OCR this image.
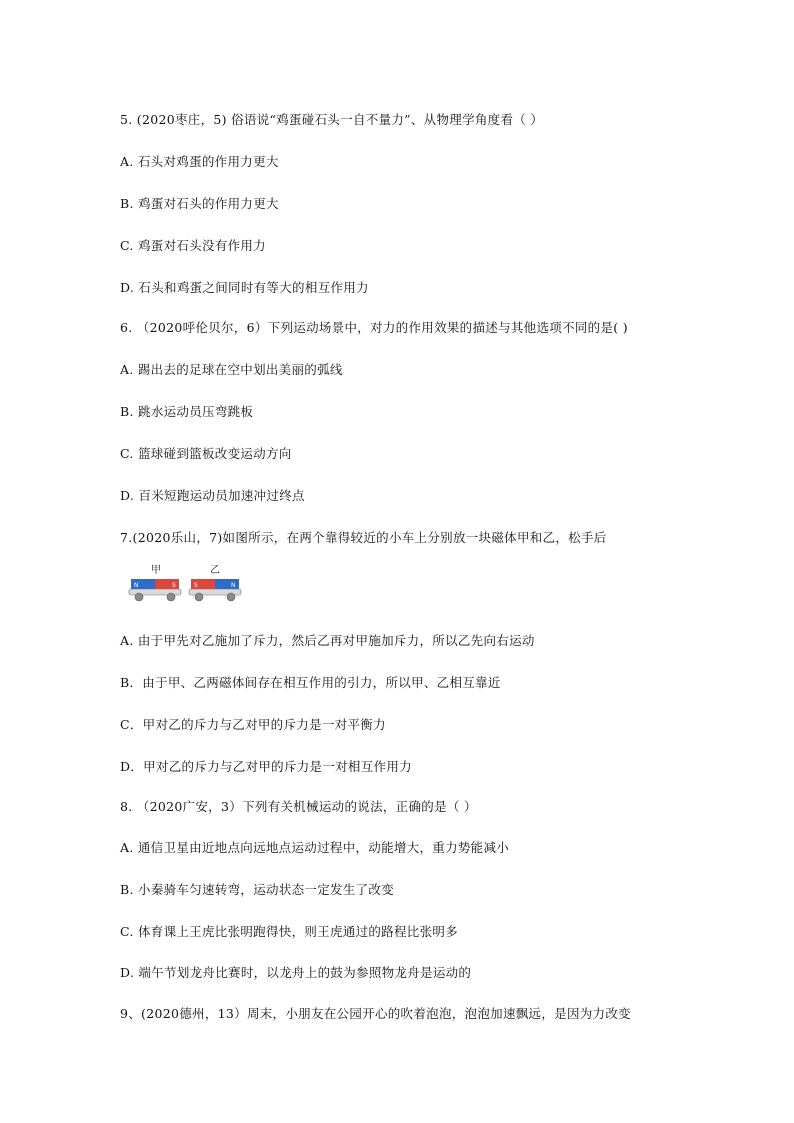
5. (2020枣庄，5) 俗语说“鸡蛋碰石头一自不量力”、从物理学角度看（ ）
A. 石头对鸡蛋的作用力更大
B. 鸡蛋对石头的作用力更大
C. 鸡蛋对石头没有作用力
D. 石头和鸡蛋之间同时有等大的相互作用力
6. （2020呼伦贝尔，6）下列运动场景中，对力的作用效果的描述与其他选项不同的是( )
A. 踢出去的足球在空中划出美丽的弧线
B. 跳水运动员压弯跳板
C. 篮球碰到篮板改变运动方向
D. 百米短跑运动员加速冲过终点
7.(2020乐山，7)如图所示，在两个靠得较近的小车上分别放一块磁体甲和乙，松手后
甲	乙
N	S	S	N
A. 由于甲先对乙施加了斥力，然后乙再对甲施加斥力，所以乙先向右运动
B．由于甲、乙两磁体间存在相互作用的引力，所以甲、乙相互靠近
C．甲对乙的斥力与乙对甲的斥力是一对平衡力
D．甲对乙的斥力与乙对甲的斥力是一对相互作用力
8. （2020广安，3）下列有关机械运动的说法，正确的是（ ）
A. 通信卫星由近地点向远地点运动过程中，动能增大，重力势能减小
B. 小秦骑车匀速转弯，运动状态一定发生了改变
C. 体育课上王虎比张明跑得快，则王虎通过的路程比张明多
D. 端午节划龙舟比赛时，以龙舟上的鼓为参照物龙舟是运动的
9、(2020德州，13）周末，小朋友在公园开心的吹着泡泡，泡泡加速飘远，是因为力改变
